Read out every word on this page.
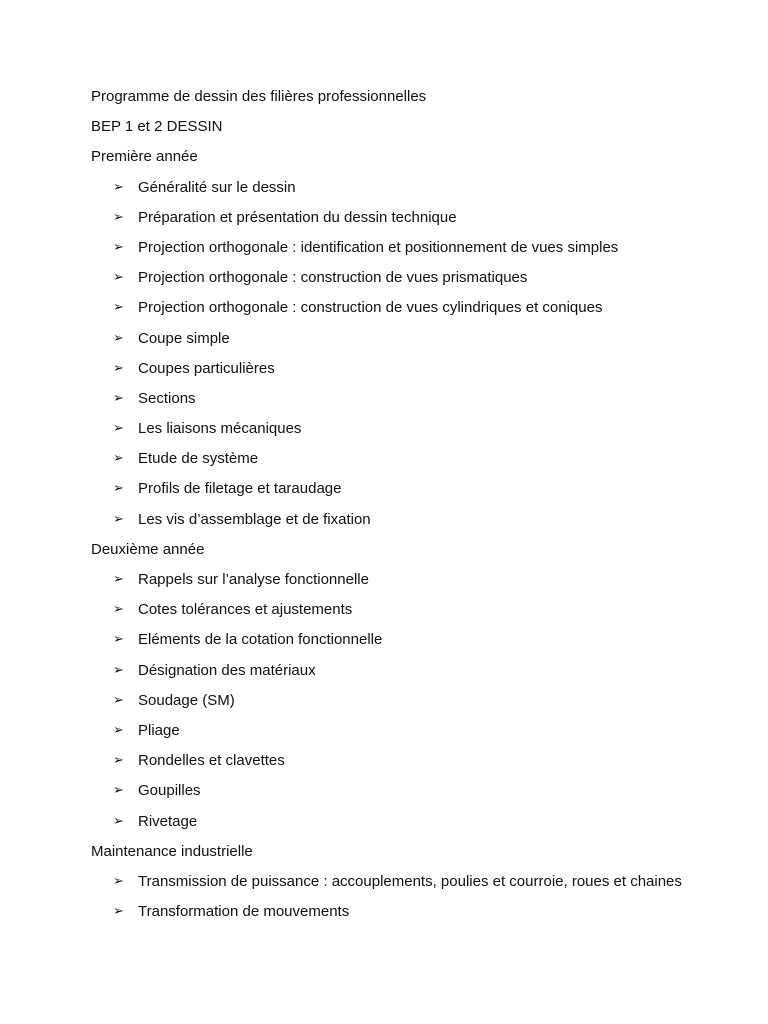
Programme de dessin des filières professionnelles
BEP 1 et 2 DESSIN
Première année
➢ Généralité sur le dessin
➢ Préparation et présentation du dessin technique
➢ Projection orthogonale : identification et positionnement de vues simples
➢ Projection orthogonale : construction de vues prismatiques
➢ Projection orthogonale : construction de vues cylindriques et coniques
➢ Coupe simple
➢ Coupes particulières
➢ Sections
➢ Les liaisons mécaniques
➢ Etude de système
➢ Profils de filetage et taraudage
➢ Les vis d’assemblage et de fixation
Deuxième année
➢ Rappels sur l’analyse fonctionnelle
➢ Cotes tolérances et ajustements
➢ Eléments de la cotation fonctionnelle
➢ Désignation des matériaux
➢ Soudage (SM)
➢ Pliage
➢ Rondelles et clavettes
➢ Goupilles
➢ Rivetage
Maintenance industrielle
➢ Transmission de puissance : accouplements, poulies et courroie, roues et chaines
➢ Transformation de mouvements
